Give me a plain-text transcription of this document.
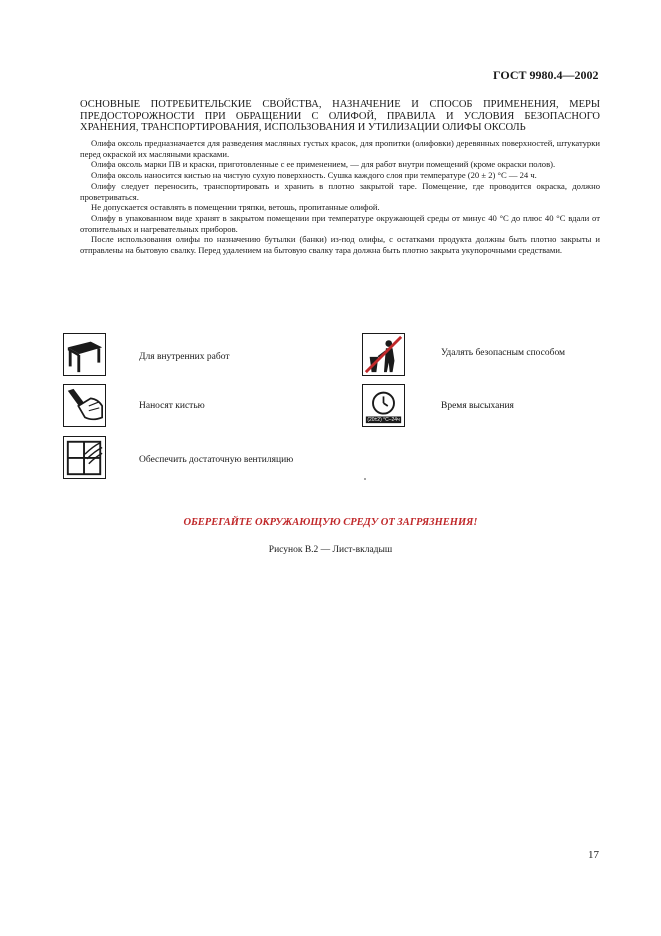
ГОСТ 9980.4—2002
ОСНОВНЫЕ ПОТРЕБИТЕЛЬСКИЕ СВОЙСТВА, НАЗНАЧЕНИЕ И СПОСОБ ПРИМЕНЕНИЯ, МЕРЫ ПРЕДОСТОРОЖНОСТИ ПРИ ОБРАЩЕНИИ С ОЛИФОЙ, ПРАВИЛА И УСЛОВИЯ БЕЗОПАСНОГО ХРАНЕНИЯ, ТРАНСПОРТИРОВАНИЯ, ИСПОЛЬЗОВАНИЯ И УТИЛИЗАЦИИ ОЛИФЫ ОКСОЛЬ

Олифа оксоль предназначается для разведения масляных густых красок, для пропитки (олифовки) деревянных поверхностей, штукатурки перед окраской их масляными красками.

Олифа оксоль марки ПВ и краски, приготовленные с ее применением, — для работ внутри помещений (кроме окраски полов).

Олифа оксоль наносится кистью на чистую сухую поверхность. Сушка каждого слоя при температуре (20 ± 2) °С — 24 ч.

Олифу следует переносить, транспортировать и хранить в плотно закрытой таре. Помещение, где проводится окраска, должно проветриваться.

Не допускается оставлять в помещении тряпки, ветошь, пропитанные олифой.

Олифу в упакованном виде хранят в закрытом помещении при температуре окружающей среды от минус 40 °С до плюс 40 °С вдали от отопительных и нагревательных приборов.

После использования олифы по назначению бутылки (банки) из-под олифы, с остатками продукта должны быть плотно закрыты и отправлены на бытовую свалку. Перед удалением на бытовую свалку тара должна быть плотно закрыта укупорочными средствами.

Для внутренних работ
Наносят кистью
Обеспечить достаточную вентиляцию
Удалять безопасным способом
(20±2) °C–24ч
Время высыхания
ОБЕРЕГАЙТЕ ОКРУЖАЮЩУЮ СРЕДУ ОТ ЗАГРЯЗНЕНИЯ!
Рисунок В.2 — Лист-вкладыш
17
